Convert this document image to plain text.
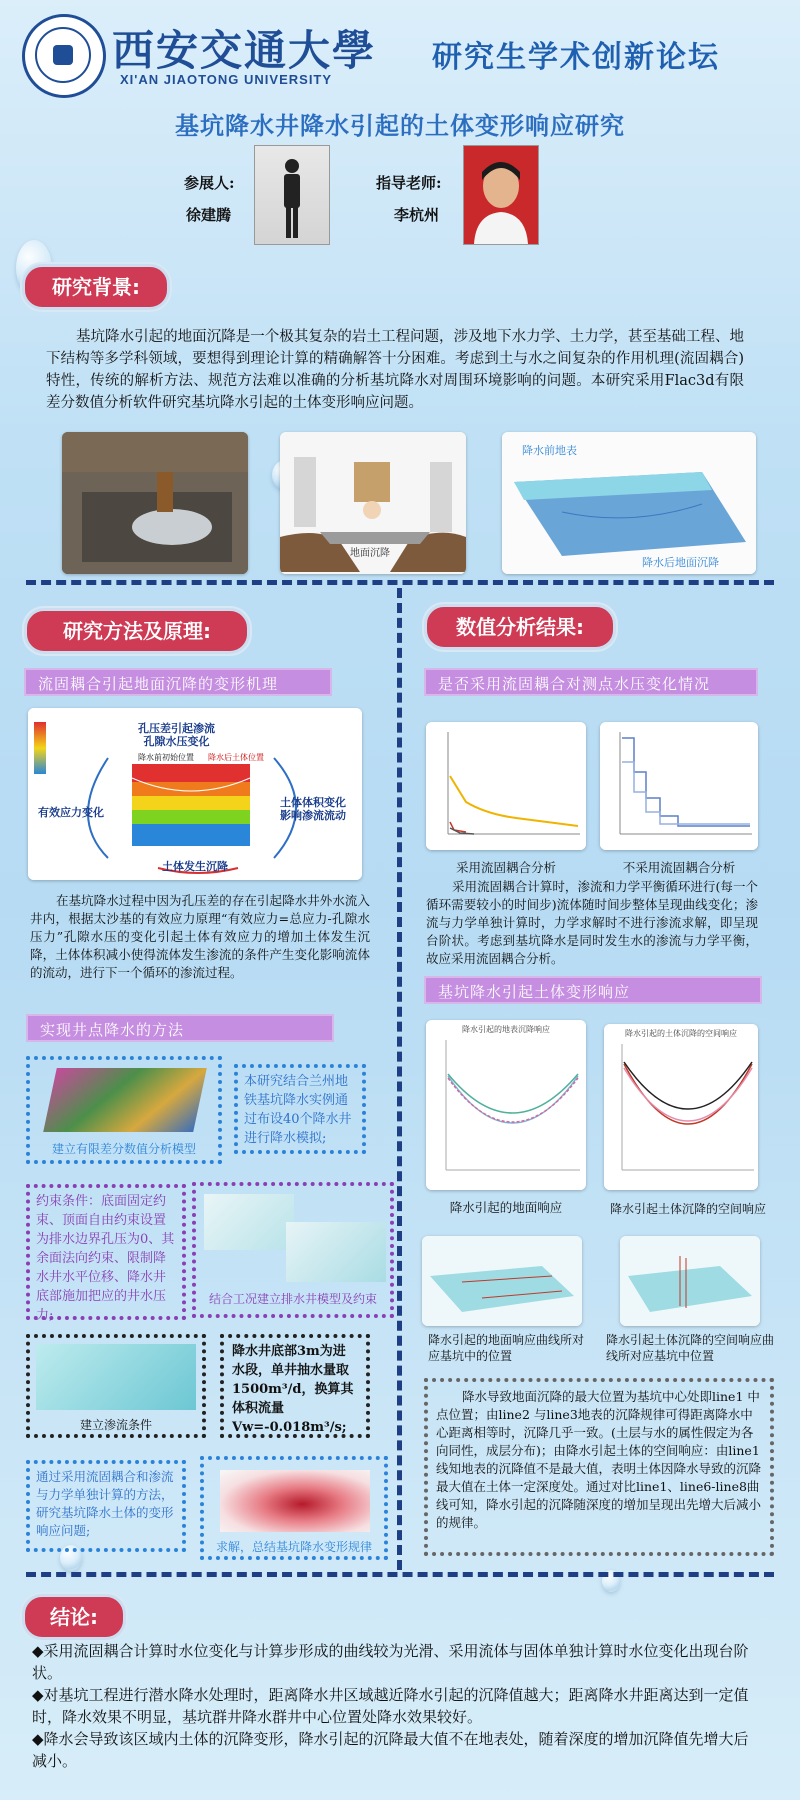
西安交通大學
XI'AN JIAOTONG UNIVERSITY
研究生学术创新论坛
基坑降水井降水引起的土体变形响应研究
参展人:
徐建腾
指导老师:
李杭州
研究背景:
基坑降水引起的地面沉降是一个极其复杂的岩土工程问题，涉及地下水力学、土力学，甚至基础工程、地下结构等多学科领域，要想得到理论计算的精确解答十分困难。考虑到土与水之间复杂的作用机理(流固耦合)特性，传统的解析方法、规范方法难以准确的分析基坑降水对周围环境影响的问题。本研究采用Flac3d有限差分数值分析软件研究基坑降水引起的土体变形响应问题。
地面沉降
降水前地表
降水后地面沉降
研究方法及原理:
流固耦合引起地面沉降的变形机理
孔压差引起渗流
孔隙水压变化
有效应力变化
土体体积变化
影响渗流流动
土体发生沉降
降水前初始位置 降水后土体位置
在基坑降水过程中因为孔压差的存在引起降水井外水流入井内，根据太沙基的有效应力原理“有效应力=总应力-孔隙水压力”孔隙水压的变化引起土体有效应力的增加土体发生沉降，土体体积减小使得流体发生渗流的条件产生变化影响流体的流动，进行下一个循环的渗流过程。
实现井点降水的方法
建立有限差分数值分析模型
本研究结合兰州地铁基坑降水实例通过布设40个降水井进行降水模拟;
约束条件：底面固定约束、顶面自由约束设置为排水边界孔压为0、其余面法向约束、限制降水井水平位移、降水井底部施加把应的井水压力;
结合工况建立排水井模型及约束
建立渗流条件
降水井底部3m为进水段，单井抽水量取1500m³/d，换算其体积流量 Vw=-0.018m³/s;
通过采用流固耦合和渗流与力学单独计算的方法，研究基坑降水土体的变形响应问题;
求解，总结基坑降水变形规律
数值分析结果:
是否采用流固耦合对测点水压变化情况
采用流固耦合分析	不采用流固耦合分析
采用流固耦合计算时，渗流和力学平衡循环进行(每一个循环需要较小的时间步)流体随时间步整体呈现曲线变化；渗流与力学单独计算时，力学求解时不进行渗流求解，即呈现台阶状。考虑到基坑降水是同时发生水的渗流与力学平衡，故应采用流固耦合分析。
基坑降水引起土体变形响应
降水引起的地表沉降响应	降水引起的土体沉降的空间响应
降水引起的地面响应	降水引起土体沉降的空间响应
降水引起的地面响应曲线所对应基坑中的位置
降水引起土体沉降的空间响应曲线所对应基坑中位置
降水导致地面沉降的最大位置为基坑中心处即line1 中点位置；由line2 与line3地表的沉降规律可得距离降水中心距离相等时，沉降几乎一致。(土层与水的属性假定为各向同性，成层分布)；由降水引起土体的空间响应：由line1线知地表的沉降值不是最大值，表明土体因降水导致的沉降最大值在土体一定深度处。通过对比line1、line6-line8曲线可知，降水引起的沉降随深度的增加呈现出先增大后减小的规律。
结论:
◆采用流固耦合计算时水位变化与计算步形成的曲线较为光滑、采用流体与固体单独计算时水位变化出现台阶状。
◆对基坑工程进行潜水降水处理时，距离降水井区域越近降水引起的沉降值越大；距离降水井距离达到一定值时，降水效果不明显，基坑群井降水群井中心位置处降水效果较好。
◆降水会导致该区域内土体的沉降变形，降水引起的沉降最大值不在地表处，随着深度的增加沉降值先增大后减小。
